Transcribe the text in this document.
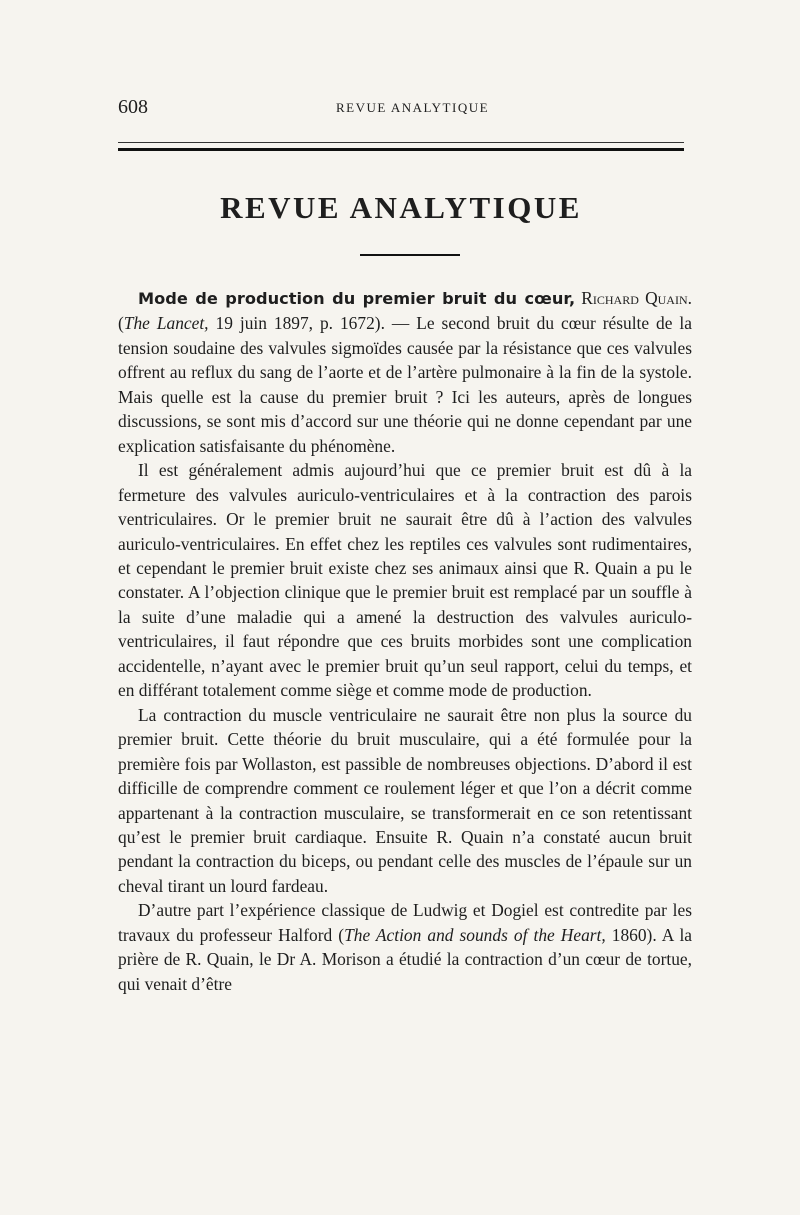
608	REVUE ANALYTIQUE
REVUE ANALYTIQUE

Mode de production du premier bruit du cœur, Richard Quain. (The Lancet, 19 juin 1897, p. 1672). — Le second bruit du cœur résulte de la tension soudaine des valvules sigmoïdes causée par la résistance que ces valvules offrent au reflux du sang de l’aorte et de l’artère pulmonaire à la fin de la systole. Mais quelle est la cause du premier bruit ? Ici les auteurs, après de longues discussions, se sont mis d’accord sur une théorie qui ne donne cependant par une explication satisfaisante du phénomène.

Il est généralement admis aujourd’hui que ce premier bruit est dû à la fermeture des valvules auriculo-ventriculaires et à la contraction des parois ventriculaires. Or le premier bruit ne saurait être dû à l’action des valvules auriculo-ventriculaires. En effet chez les reptiles ces valvules sont rudimentaires, et cependant le premier bruit existe chez ses animaux ainsi que R. Quain a pu le constater. A l’objection clinique que le premier bruit est remplacé par un souffle à la suite d’une maladie qui a amené la destruction des valvules auriculo-ventriculaires, il faut répondre que ces bruits morbides sont une complication accidentelle, n’ayant avec le premier bruit qu’un seul rapport, celui du temps, et en différant totalement comme siège et comme mode de production.

La contraction du muscle ventriculaire ne saurait être non plus la source du premier bruit. Cette théorie du bruit musculaire, qui a été formulée pour la première fois par Wollaston, est passible de nombreuses objections. D’abord il est difficille de comprendre comment ce roulement léger et que l’on a décrit comme appartenant à la contraction musculaire, se transformerait en ce son retentissant qu’est le premier bruit cardiaque. Ensuite R. Quain n’a constaté aucun bruit pendant la contraction du biceps, ou pendant celle des muscles de l’épaule sur un cheval tirant un lourd fardeau.

D’autre part l’expérience classique de Ludwig et Dogiel est contredite par les travaux du professeur Halford (The Action and sounds of the Heart, 1860). A la prière de R. Quain, le Dr A. Morison a étudié la contraction d’un cœur de tortue, qui venait d’être
